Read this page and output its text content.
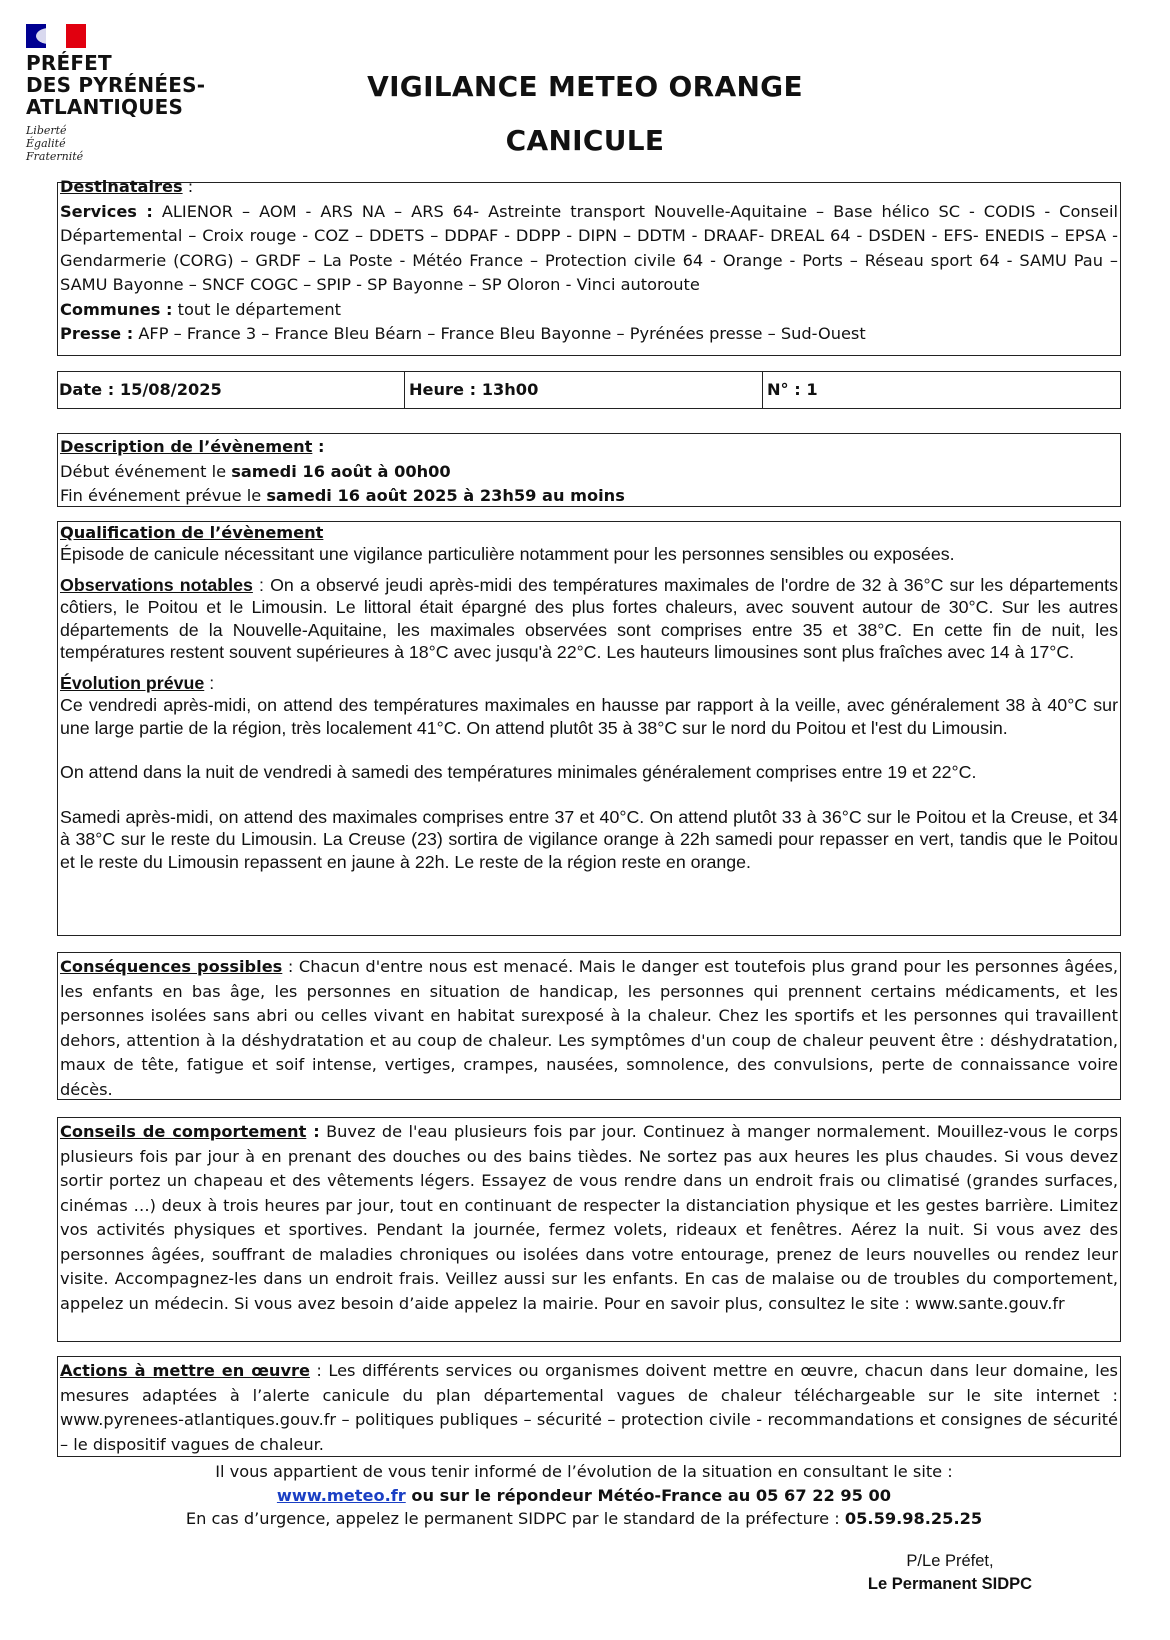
PRÉFET
DES PYRÉNÉES-
ATLANTIQUES
Liberté
Égalité
Fraternité
VIGILANCE METEO ORANGE
CANICULE

Destinataires :

Services : ALIENOR – AOM - ARS NA – ARS 64- Astreinte transport Nouvelle-Aquitaine – Base hélico SC - CODIS - Conseil Départemental – Croix rouge - COZ – DDETS – DDPAF - DDPP - DIPN – DDTM - DRAAF- DREAL 64 - DSDEN - EFS- ENEDIS – EPSA - Gendarmerie (CORG) – GRDF – La Poste - Météo France – Protection civile 64 - Orange - Ports – Réseau sport 64 - SAMU Pau – SAMU Bayonne – SNCF COGC – SPIP - SP Bayonne – SP Oloron - Vinci autoroute

Communes : tout le département

Presse : AFP – France 3 – France Bleu Béarn – France Bleu Bayonne – Pyrénées presse – Sud-Ouest

Date : 15/08/2025	Heure : 13h00	N° : 1

Description de l’évènement :

Début événement le samedi 16 août à 00h00

Fin événement prévue le samedi 16 août 2025 à 23h59 au moins

Qualification de l’évènement

Épisode de canicule nécessitant une vigilance particulière notamment pour les personnes sensibles ou exposées.

Observations notables : On a observé jeudi après-midi des températures maximales de l'ordre de 32 à 36°C sur les départements côtiers, le Poitou et le Limousin. Le littoral était épargné des plus fortes chaleurs, avec souvent autour de 30°C. Sur les autres départements de la Nouvelle-Aquitaine, les maximales observées sont comprises entre 35 et 38°C. En cette fin de nuit, les températures restent souvent supérieures à 18°C avec jusqu'à 22°C. Les hauteurs limousines sont plus fraîches avec 14 à 17°C.

Évolution prévue :

Ce vendredi après-midi, on attend des températures maximales en hausse par rapport à la veille, avec généralement 38 à 40°C sur une large partie de la région, très localement 41°C. On attend plutôt 35 à 38°C sur le nord du Poitou et l'est du Limousin.

On attend dans la nuit de vendredi à samedi des températures minimales généralement comprises entre 19 et 22°C.

Samedi après-midi, on attend des maximales comprises entre 37 et 40°C. On attend plutôt 33 à 36°C sur le Poitou et la Creuse, et 34 à 38°C sur le reste du Limousin. La Creuse (23) sortira de vigilance orange à 22h samedi pour repasser en vert, tandis que le Poitou et le reste du Limousin repassent en jaune à 22h. Le reste de la région reste en orange.

Conséquences possibles : Chacun d'entre nous est menacé. Mais le danger est toutefois plus grand pour les personnes âgées, les enfants en bas âge, les personnes en situation de handicap, les personnes qui prennent certains médicaments, et les personnes isolées sans abri ou celles vivant en habitat surexposé à la chaleur. Chez les sportifs et les personnes qui travaillent dehors, attention à la déshydratation et au coup de chaleur. Les symptômes d'un coup de chaleur peuvent être : déshydratation, maux de tête, fatigue et soif intense, vertiges, crampes, nausées, somnolence, des convulsions, perte de connaissance voire décès.

Conseils de comportement : Buvez de l'eau plusieurs fois par jour. Continuez à manger normalement. Mouillez-vous le corps plusieurs fois par jour à en prenant des douches ou des bains tièdes. Ne sortez pas aux heures les plus chaudes. Si vous devez sortir portez un chapeau et des vêtements légers. Essayez de vous rendre dans un endroit frais ou climatisé (grandes surfaces, cinémas …) deux à trois heures par jour, tout en continuant de respecter la distanciation physique et les gestes barrière. Limitez vos activités physiques et sportives. Pendant la journée, fermez volets, rideaux et fenêtres. Aérez la nuit. Si vous avez des personnes âgées, souffrant de maladies chroniques ou isolées dans votre entourage, prenez de leurs nouvelles ou rendez leur visite. Accompagnez-les dans un endroit frais. Veillez aussi sur les enfants. En cas de malaise ou de troubles du comportement, appelez un médecin. Si vous avez besoin d’aide appelez la mairie. Pour en savoir plus, consultez le site : www.sante.gouv.fr

Actions à mettre en œuvre : Les différents services ou organismes doivent mettre en œuvre, chacun dans leur domaine, les mesures adaptées à l’alerte canicule du plan départemental vagues de chaleur téléchargeable sur le site internet : www.pyrenees-atlantiques.gouv.fr – politiques publiques – sécurité – protection civile - recommandations et consignes de sécurité – le dispositif vagues de chaleur.

Il vous appartient de vous tenir informé de l’évolution de la situation en consultant le site :
www.meteo.fr ou sur le répondeur Météo-France au 05 67 22 95 00
En cas d’urgence, appelez le permanent SIDPC par le standard de la préfecture : 05.59.98.25.25
P/Le Préfet,
Le Permanent SIDPC
